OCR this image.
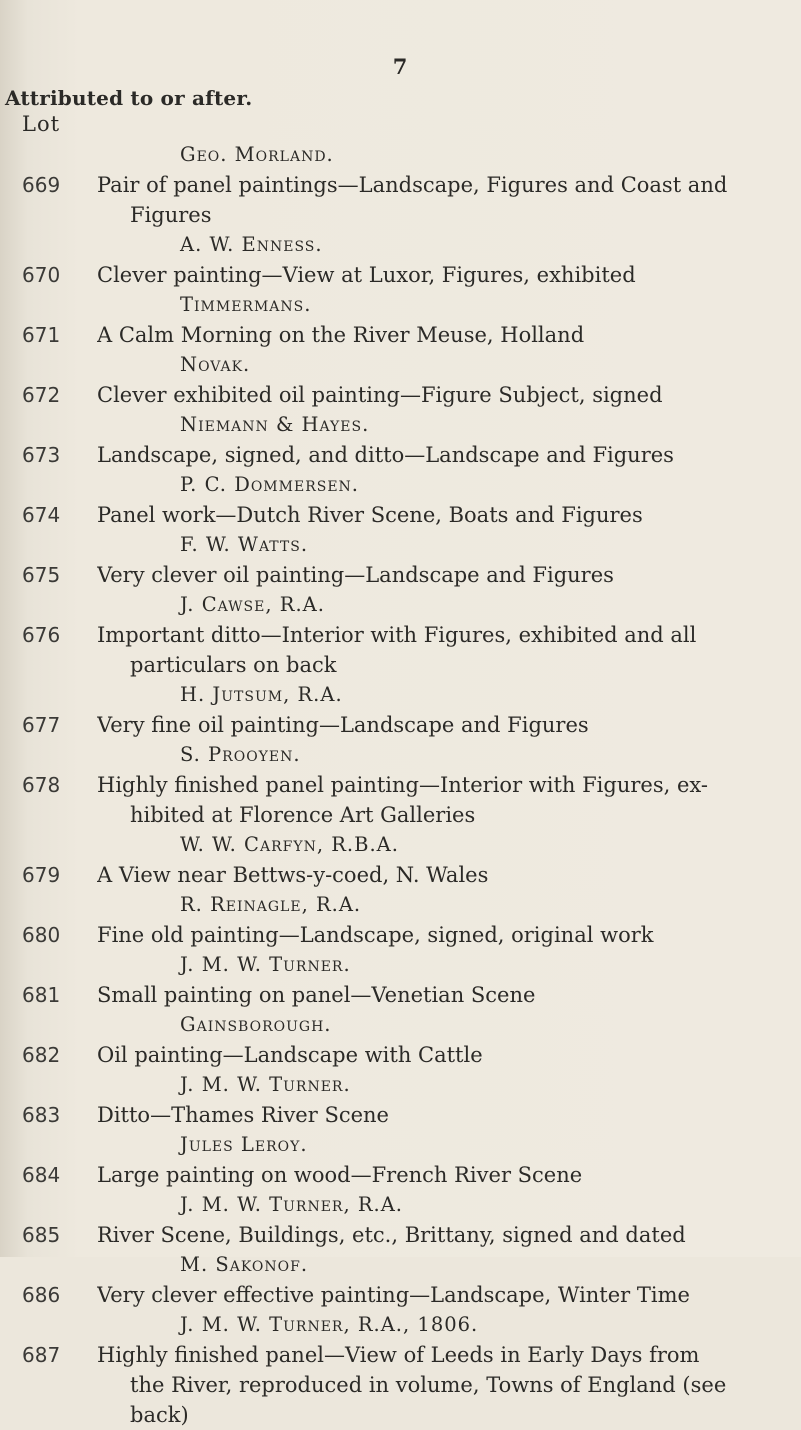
7
Attributed to or after.
Lot
Geo. Morland.
669 Pair of panel paintings—Landscape, Figures and Coast and
Figures
A. W. Enness.
670 Clever painting—View at Luxor, Figures, exhibited
Timmermans.
671 A Calm Morning on the River Meuse, Holland
Novak.
672 Clever exhibited oil painting—Figure Subject, signed
Niemann & Hayes.
673 Landscape, signed, and ditto—Landscape and Figures
P. C. Dommersen.
674 Panel work—Dutch River Scene, Boats and Figures
F. W. Watts.
675 Very clever oil painting—Landscape and Figures
J. Cawse, R.A.
676 Important ditto—Interior with Figures, exhibited and all
particulars on back
H. Jutsum, R.A.
677 Very fine oil painting—Landscape and Figures
S. Prooyen.
678 Highly finished panel painting—Interior with Figures, ex-
hibited at Florence Art Galleries
W. W. Carfyn, R.B.A.
679 A View near Bettws-y-coed, N. Wales
R. Reinagle, R.A.
680 Fine old painting—Landscape, signed, original work
J. M. W. Turner.
681 Small painting on panel—Venetian Scene
Gainsborough.
682 Oil painting—Landscape with Cattle
J. M. W. Turner.
683 Ditto—Thames River Scene
Jules Leroy.
684 Large painting on wood—French River Scene
J. M. W. Turner, R.A.
685 River Scene, Buildings, etc., Brittany, signed and dated
M. Sakonof.
686 Very clever effective painting—Landscape, Winter Time
J. M. W. Turner, R.A., 1806.
687 Highly finished panel—View of Leeds in Early Days from
the River, reproduced in volume, Towns of England (see
back)
